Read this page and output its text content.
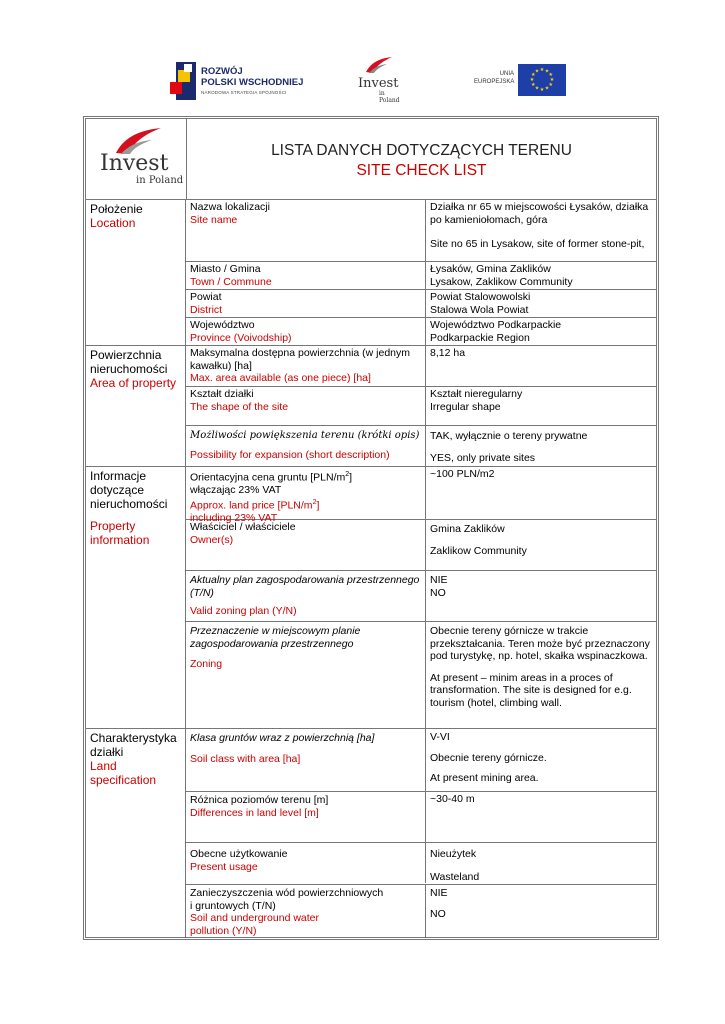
ROZWÓJ
POLSKI WSCHODNIEJ
NARODOWA STRATEGIA SPÓJNOŚCI
Invest
in Poland
UNIA
EUROPEJSKA
★ ★
★
★
★
★
★
★
★
★
★
★
Invest
in Poland
LISTA DANYCH DOTYCZĄCYCH TERENU
SITE CHECK LIST
Położenie
Location
Nazwa lokalizacji
Site name
Działka nr 65 w miejscowości Łysaków, działka po kamieniołomach, góra
Site no 65 in Lysakow, site of former stone-pit,
Miasto / Gmina
Town / Commune
Łysaków, Gmina Zaklików
Lysakow, Zaklikow Community
Powiat
District
Powiat Stalowowolski
Stalowa Wola Powiat
Województwo
Province (Voivodship)
Województwo Podkarpackie
Podkarpackie Region
Powierzchnia
nieruchomości
Area of property
Maksymalna dostępna powierzchnia (w jednym kawałku) [ha]
Max. area available (as one piece) [ha]
8,12 ha
Kształt działki
The shape of the site
Kształt nieregularny
Irregular shape
Możliwości powiększenia terenu (krótki opis)
Possibility for expansion (short description)
TAK, wyłącznie o tereny prywatne
YES, only private sites
Informacje
dotyczące
nieruchomości
Property
information
Orientacyjna cena gruntu $[PLN/m^2]$
włączając 23% VAT
Approx. land price $[PLN/m^2]$
including 23% VAT
~100 PLN/m2
Właściciel / właściciele
Owner(s)
Gmina Zaklików
Zaklikow Community
Aktualny plan zagospodarowania przestrzennego (T/N)
Valid zoning plan (Y/N)
NIE
NO
Przeznaczenie w miejscowym planie zagospodarowania przestrzennego
Zoning
Obecnie tereny górnicze w trakcie przekształcania. Teren może być przeznaczony pod turystykę, np. hotel, skałka wspinaczkowa.
At present – minim areas in a proces of transformation. The site is designed for e.g. tourism (hotel, climbing wall.
Charakterystyka
działki
Land
specification
Klasa gruntów wraz z powierzchnią [ha]
Soil class with area [ha]
V-VI
Obecnie tereny górnicze.
At present mining area.
Różnica poziomów terenu [m]
Differences in land level [m]
~30-40 m
Obecne użytkowanie
Present usage
Nieużytek
Wasteland
Zanieczyszczenia wód powierzchniowych
i gruntowych (T/N)
Soil and underground water
pollution (Y/N)
NIE
NO
